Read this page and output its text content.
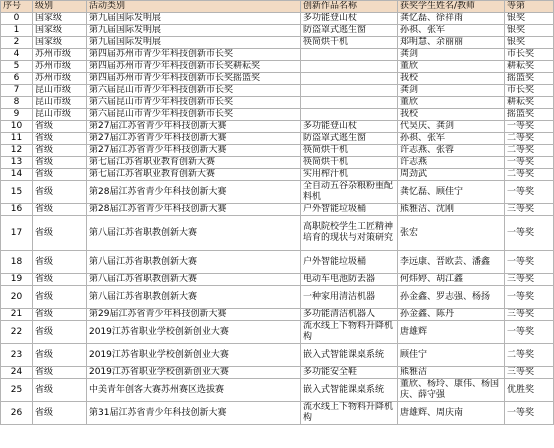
序号	级别	活动类别	创新作品名称	获奖学生姓名/教师	等第
0	国家级	第九届国际发明展	多功能登山杖	龚忆磊、徐祥雨	银奖
1	国家级	第九届国际发明展	防盗罩式逃生窗	孙祺、张军	银奖
2	国家级	第九届国际发明展	筷简烘干机	郑明慧、余丽丽	银奖
4	苏州市级	第四届苏州市青少年科技创新市长奖		龚剑	市长奖
5	苏州市级	第四届苏州市青少年科技创新市长奖耕耘奖		董欣	耕耘奖
6	苏州市级	第四届苏州市青少年科技创新市长奖摇篮奖		我校	摇篮奖
7	昆山市级	第六届昆山市青少年科技创新市长奖		龚剑	市长奖
8	昆山市级	第六届昆山市青少年科技创新市长奖		董欣	耕耘奖
9	昆山市级	第六届昆山市青少年科技创新市长奖		我校	摇篮奖
10	省级	第27届江苏省青少年科技创新大赛	多功能登山杖	代昊庆、龚剑	一等奖
11	省级	第27届江苏省青少年科技创新大赛	防盗罩式逃生窗	孙祺、张军	二等奖
12	省级	第27届江苏省青少年科技创新大赛	筷简烘干机	许志燕、张蓉	二等奖
13	省级	第七届江苏省职业教育创新大赛	筷简烘干机	许志燕	一等奖
14	省级	第七届江苏省职业教育创新大赛	实用榨汁机	周劲武	二等奖
15	省级	第28届江苏省青少年科技创新大赛	全自动五谷杂粮粉重配料机	龚忆磊、顾佳宁	一等奖
16	省级	第28届江苏省青少年科技创新大赛	户外智能垃圾桶	熊雅洁、沈刚	三等奖
17	省级	第八届江苏省职教创新大赛	高职院校学生工匠精神培育的现状与对策研究	张宏	一等奖
18	省级	第八届江苏省职教创新大赛	户外智能垃圾桶	李远康、晋欧芸、潘鑫	一等奖
19	省级	第八届江苏省职教创新大赛	电动车电池防丢器	何炜婷、胡江鑫	三等奖
20	省级	第八届江苏省职教创新大赛	一种家用清洁机器	孙金鑫、罗志强、杨扬	一等奖
21	省级	第29届江苏省青少年科技创新大赛	多功能清洁机器人	孙金鑫、陈丹	三等奖
22	省级	2019江苏省职业学校创新创业大赛	流水线上下物料升降机构	唐雄辉	一等奖
23	省级	2019江苏省职业学校创新创业大赛	嵌入式智能课桌系统	顾佳宁	二等奖
24	省级	2019江苏省职业学校创新创业大赛	多功能安全鞋	熊雅洁	三等奖
25	省级	中美青年创客大赛苏州赛区选拔赛	嵌入式智能课桌系统	董欣、杨玲、康伟、杨国庆、薛守强	优胜奖
26	省级	第31届江苏省青少年科技创新大赛	流水线上下物料升降机构	唐雄辉、周庆南	一等奖
